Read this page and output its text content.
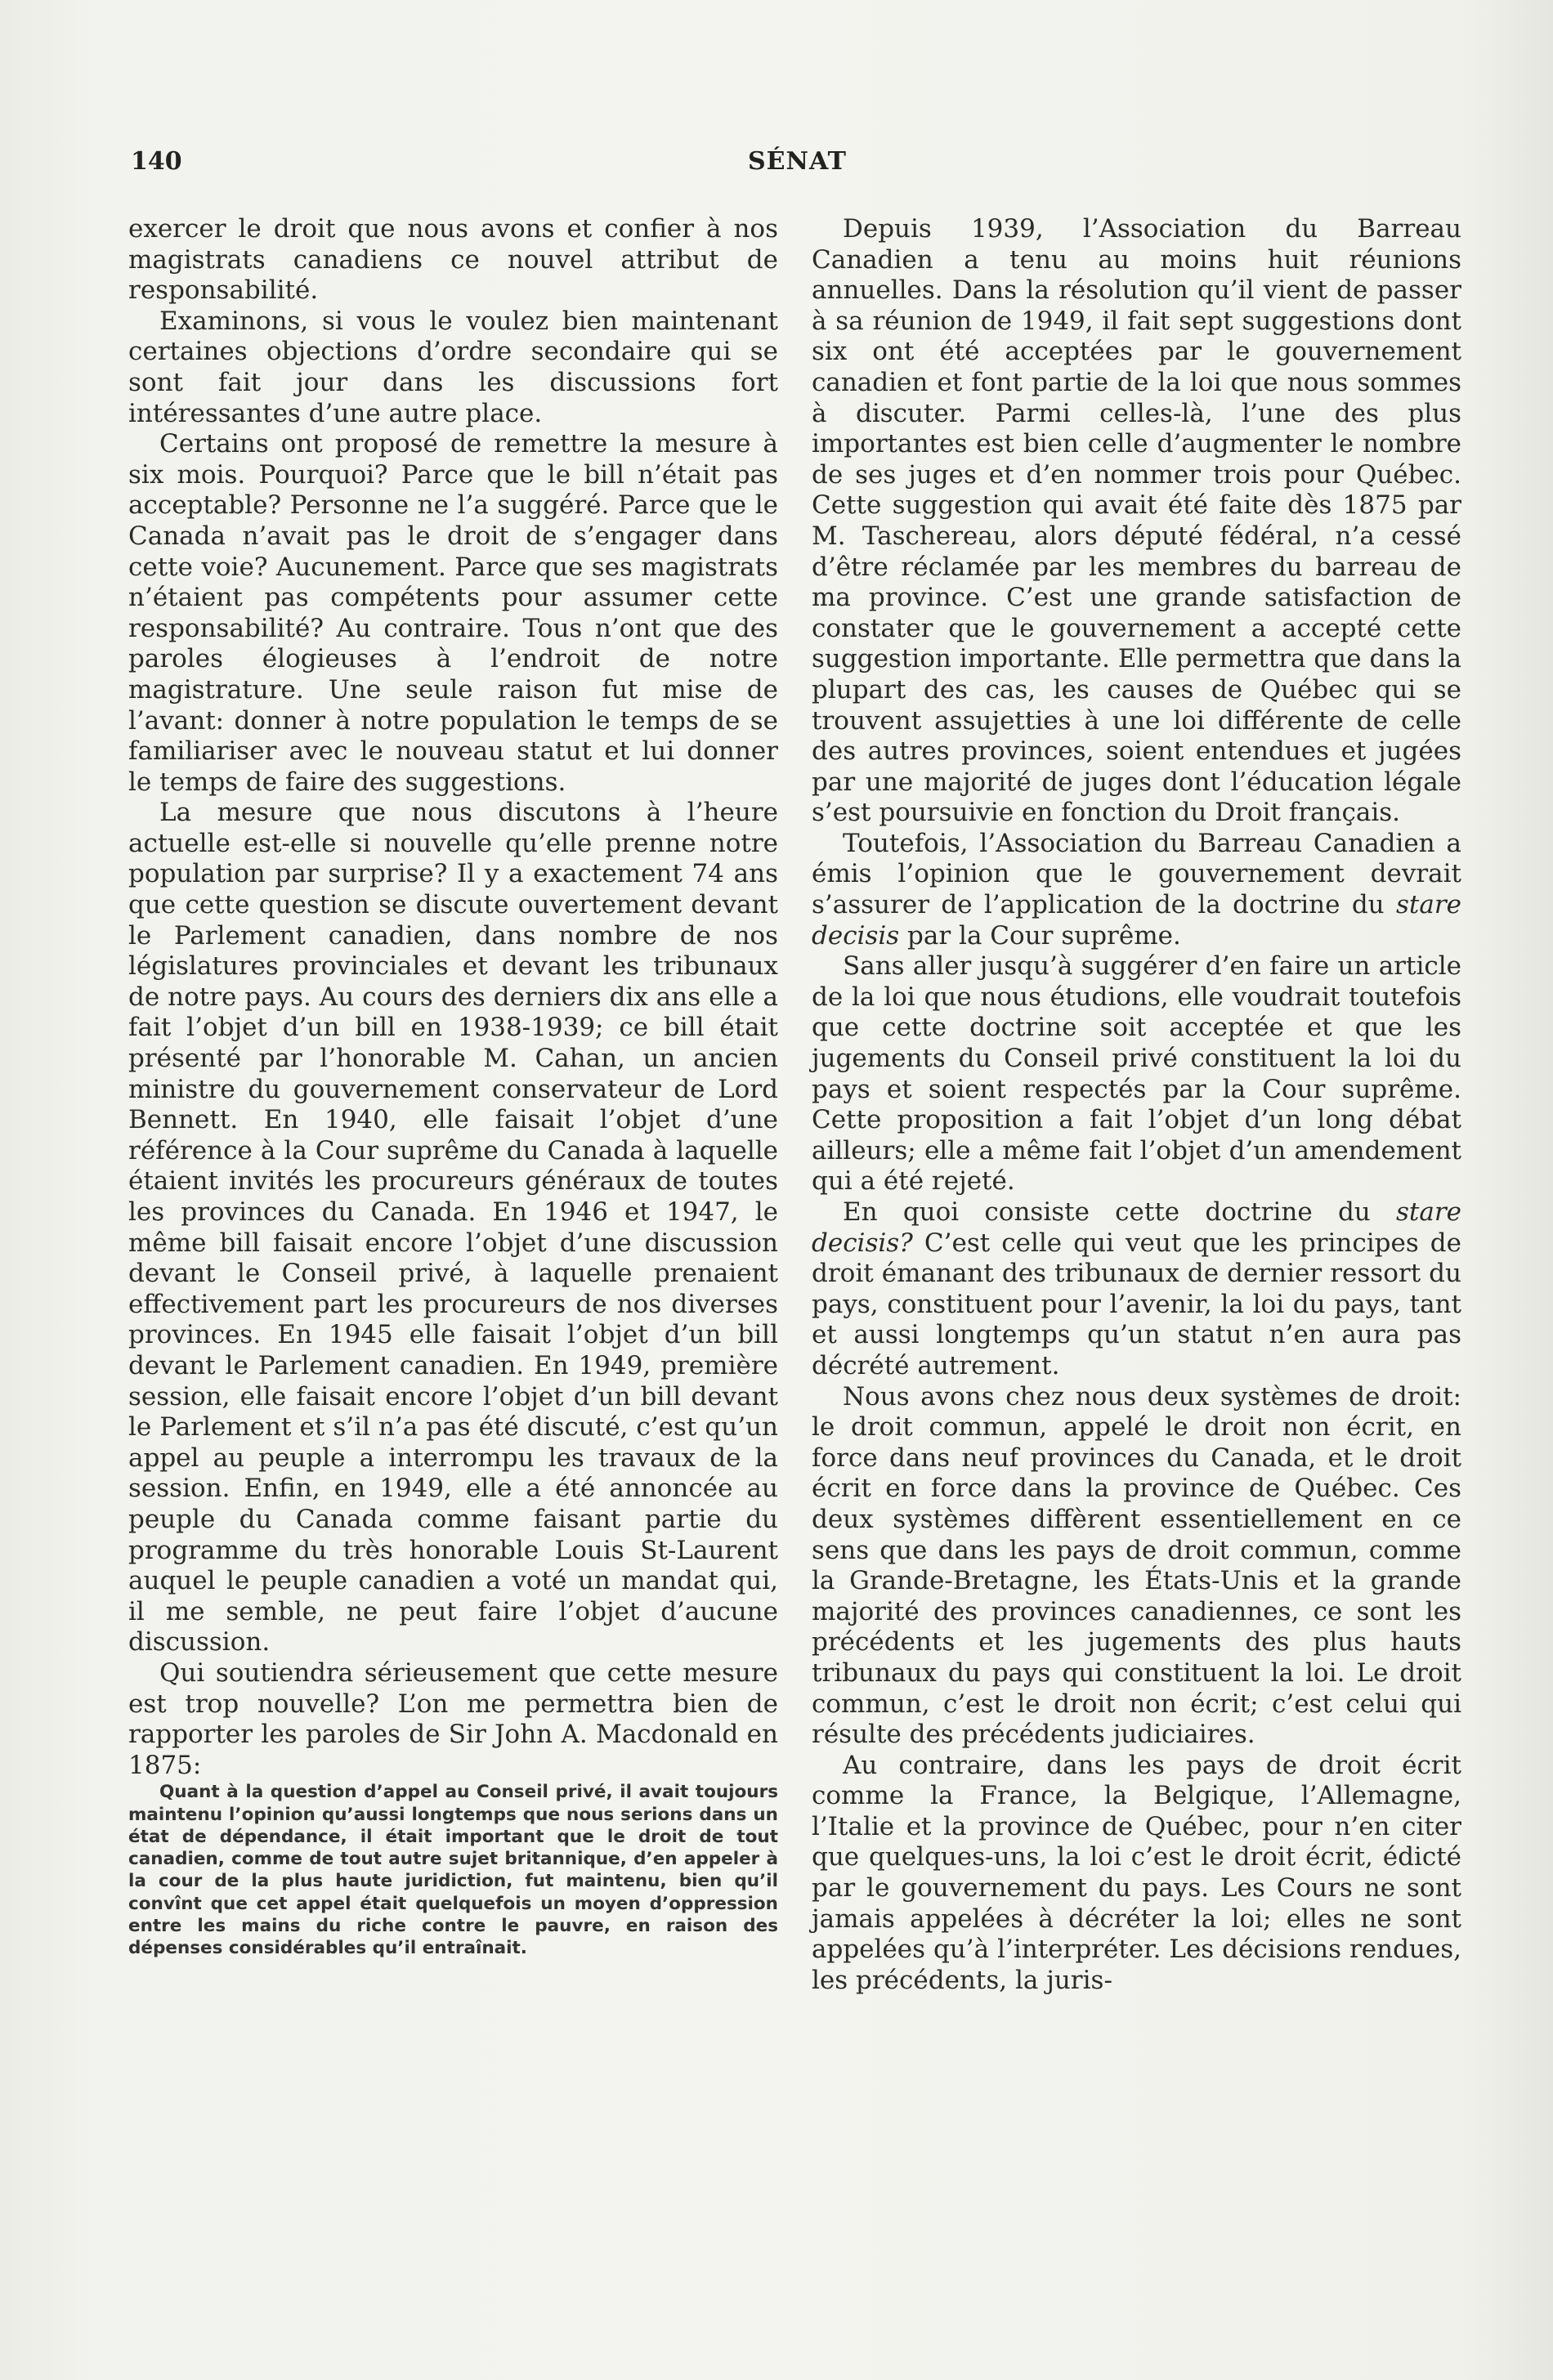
140	SÉNAT

exercer le droit que nous avons et confier à nos magistrats canadiens ce nouvel attribut de responsabilité.

Examinons, si vous le voulez bien maintenant certaines objections d’ordre secondaire qui se sont fait jour dans les discussions fort intéressantes d’une autre place.

Certains ont proposé de remettre la mesure à six mois. Pourquoi? Parce que le bill n’était pas acceptable? Personne ne l’a suggéré. Parce que le Canada n’avait pas le droit de s’engager dans cette voie? Aucunement. Parce que ses magistrats n’étaient pas compétents pour assumer cette responsabilité? Au contraire. Tous n’ont que des paroles élogieuses à l’endroit de notre magistrature. Une seule raison fut mise de l’avant: donner à notre population le temps de se familiariser avec le nouveau statut et lui donner le temps de faire des suggestions.

La mesure que nous discutons à l’heure actuelle est-elle si nouvelle qu’elle prenne notre population par surprise? Il y a exactement 74 ans que cette question se discute ouvertement devant le Parlement canadien, dans nombre de nos législatures provinciales et devant les tribunaux de notre pays. Au cours des derniers dix ans elle a fait l’objet d’un bill en 1938-1939; ce bill était présenté par l’honorable M. Cahan, un ancien ministre du gouvernement conservateur de Lord Bennett. En 1940, elle faisait l’objet d’une référence à la Cour suprême du Canada à laquelle étaient invités les procureurs généraux de toutes les provinces du Canada. En 1946 et 1947, le même bill faisait encore l’objet d’une discussion devant le Conseil privé, à laquelle prenaient effectivement part les procureurs de nos diverses provinces. En 1945 elle faisait l’objet d’un bill devant le Parlement canadien. En 1949, première session, elle faisait encore l’objet d’un bill devant le Parlement et s’il n’a pas été discuté, c’est qu’un appel au peuple a interrompu les travaux de la session. Enfin, en 1949, elle a été annoncée au peuple du Canada comme faisant partie du programme du très honorable Louis St-Laurent auquel le peuple canadien a voté un mandat qui, il me semble, ne peut faire l’objet d’aucune discussion.

Qui soutiendra sérieusement que cette mesure est trop nouvelle? L’on me permettra bien de rapporter les paroles de Sir John A. Macdonald en 1875:

Quant à la question d’appel au Conseil privé, il avait toujours maintenu l’opinion qu’aussi longtemps que nous serions dans un état de dépendance, il était important que le droit de tout canadien, comme de tout autre sujet britannique, d’en appeler à la cour de la plus haute juridiction, fut maintenu, bien qu’il convînt que cet appel était quelquefois un moyen d’oppression entre les mains du riche contre le pauvre, en raison des dépenses considérables qu’il entraînait.

Depuis 1939, l’Association du Barreau Canadien a tenu au moins huit réunions annuelles. Dans la résolution qu’il vient de passer à sa réunion de 1949, il fait sept suggestions dont six ont été acceptées par le gouvernement canadien et font partie de la loi que nous sommes à discuter. Parmi celles-là, l’une des plus importantes est bien celle d’augmenter le nombre de ses juges et d’en nommer trois pour Québec. Cette suggestion qui avait été faite dès 1875 par M. Taschereau, alors député fédéral, n’a cessé d’être réclamée par les membres du barreau de ma province. C’est une grande satisfaction de constater que le gouvernement a accepté cette suggestion importante. Elle permettra que dans la plupart des cas, les causes de Québec qui se trouvent assujetties à une loi différente de celle des autres provinces, soient entendues et jugées par une majorité de juges dont l’éducation légale s’est poursuivie en fonction du Droit français.

Toutefois, l’Association du Barreau Canadien a émis l’opinion que le gouvernement devrait s’assurer de l’application de la doctrine du stare decisis par la Cour suprême.

Sans aller jusqu’à suggérer d’en faire un article de la loi que nous étudions, elle voudrait toutefois que cette doctrine soit acceptée et que les jugements du Conseil privé constituent la loi du pays et soient respectés par la Cour suprême. Cette proposition a fait l’objet d’un long débat ailleurs; elle a même fait l’objet d’un amendement qui a été rejeté.

En quoi consiste cette doctrine du stare decisis? C’est celle qui veut que les principes de droit émanant des tribunaux de dernier ressort du pays, constituent pour l’avenir, la loi du pays, tant et aussi longtemps qu’un statut n’en aura pas décrété autrement.

Nous avons chez nous deux systèmes de droit: le droit commun, appelé le droit non écrit, en force dans neuf provinces du Canada, et le droit écrit en force dans la province de Québec. Ces deux systèmes diffèrent essentiellement en ce sens que dans les pays de droit commun, comme la Grande-Bretagne, les États-Unis et la grande majorité des provinces canadiennes, ce sont les précédents et les jugements des plus hauts tribunaux du pays qui constituent la loi. Le droit commun, c’est le droit non écrit; c’est celui qui résulte des précédents judiciaires.

Au contraire, dans les pays de droit écrit comme la France, la Belgique, l’Allemagne, l’Italie et la province de Québec, pour n’en citer que quelques-uns, la loi c’est le droit écrit, édicté par le gouvernement du pays. Les Cours ne sont jamais appelées à décréter la loi; elles ne sont appelées qu’à l’interpréter. Les décisions rendues, les précédents, la juris-
